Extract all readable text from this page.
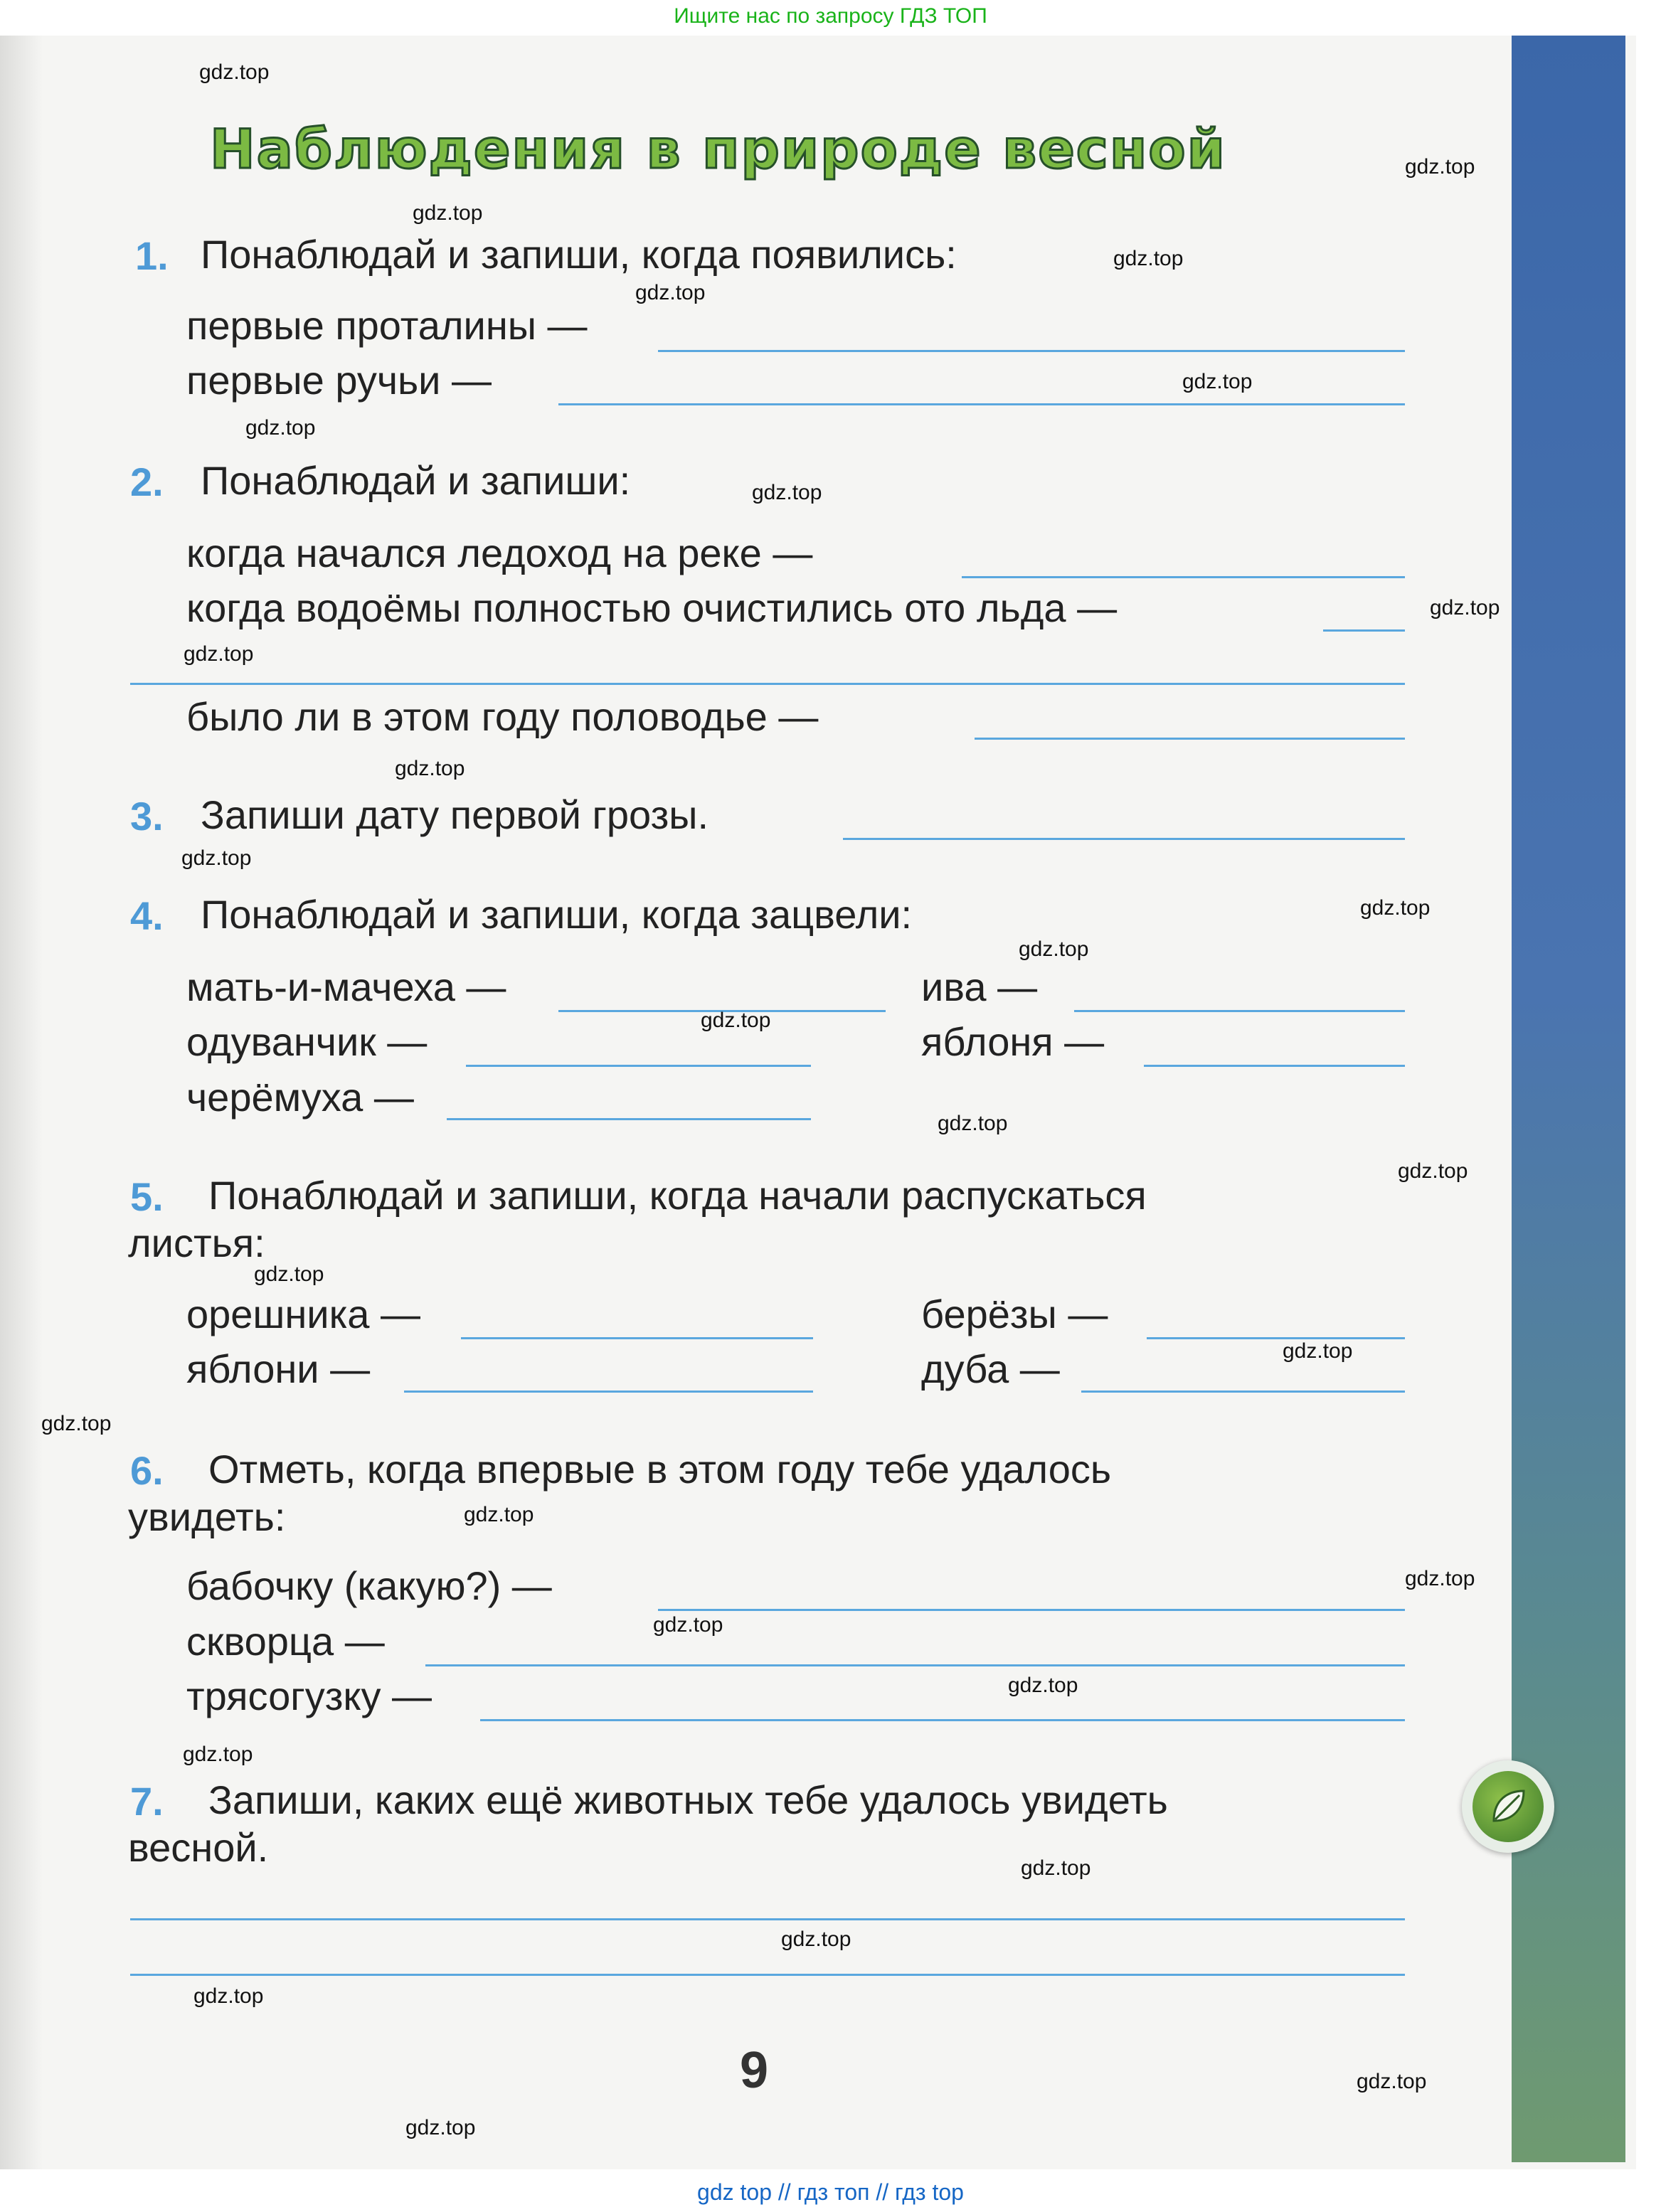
Ищите нас по запросу ГДЗ ТОП
Наблюдения в природе весной
1. Понаблюдай и запиши, когда появились:
первые проталины —
первые ручьи —
2. Понаблюдай и запиши:
когда начался ледоход на реке —
когда водоёмы полностью очистились ото льда —
было ли в этом году половодье —
3. Запиши дату первой грозы.
4. Понаблюдай и запиши, когда зацвели:
мать-и-мачеха —	ива —
одуванчик —	яблоня —
черёмуха —
5. Понаблюдай и запиши, когда начали распускаться
листья:
орешника —	берёзы —
яблони —	дуба —
6. Отметь, когда впервые в этом году тебе удалось
увидеть:
бабочку (какую?) —
скворца —
трясогузку —
7. Запиши, каких ещё животных тебе удалось увидеть
весной.
9
gdz.top
gdz.top
gdz.top
gdz.top
gdz.top
gdz.top
gdz.top
gdz.top
gdz.top
gdz.top
gdz.top
gdz.top
gdz.top
gdz.top
gdz.top
gdz.top
gdz.top
gdz.top
gdz.top
gdz.top
gdz.top
gdz.top
gdz.top
gdz.top
gdz.top
gdz.top
gdz.top
gdz.top
gdz.top
gdz.top
gdz top // гдз топ // гдз top
